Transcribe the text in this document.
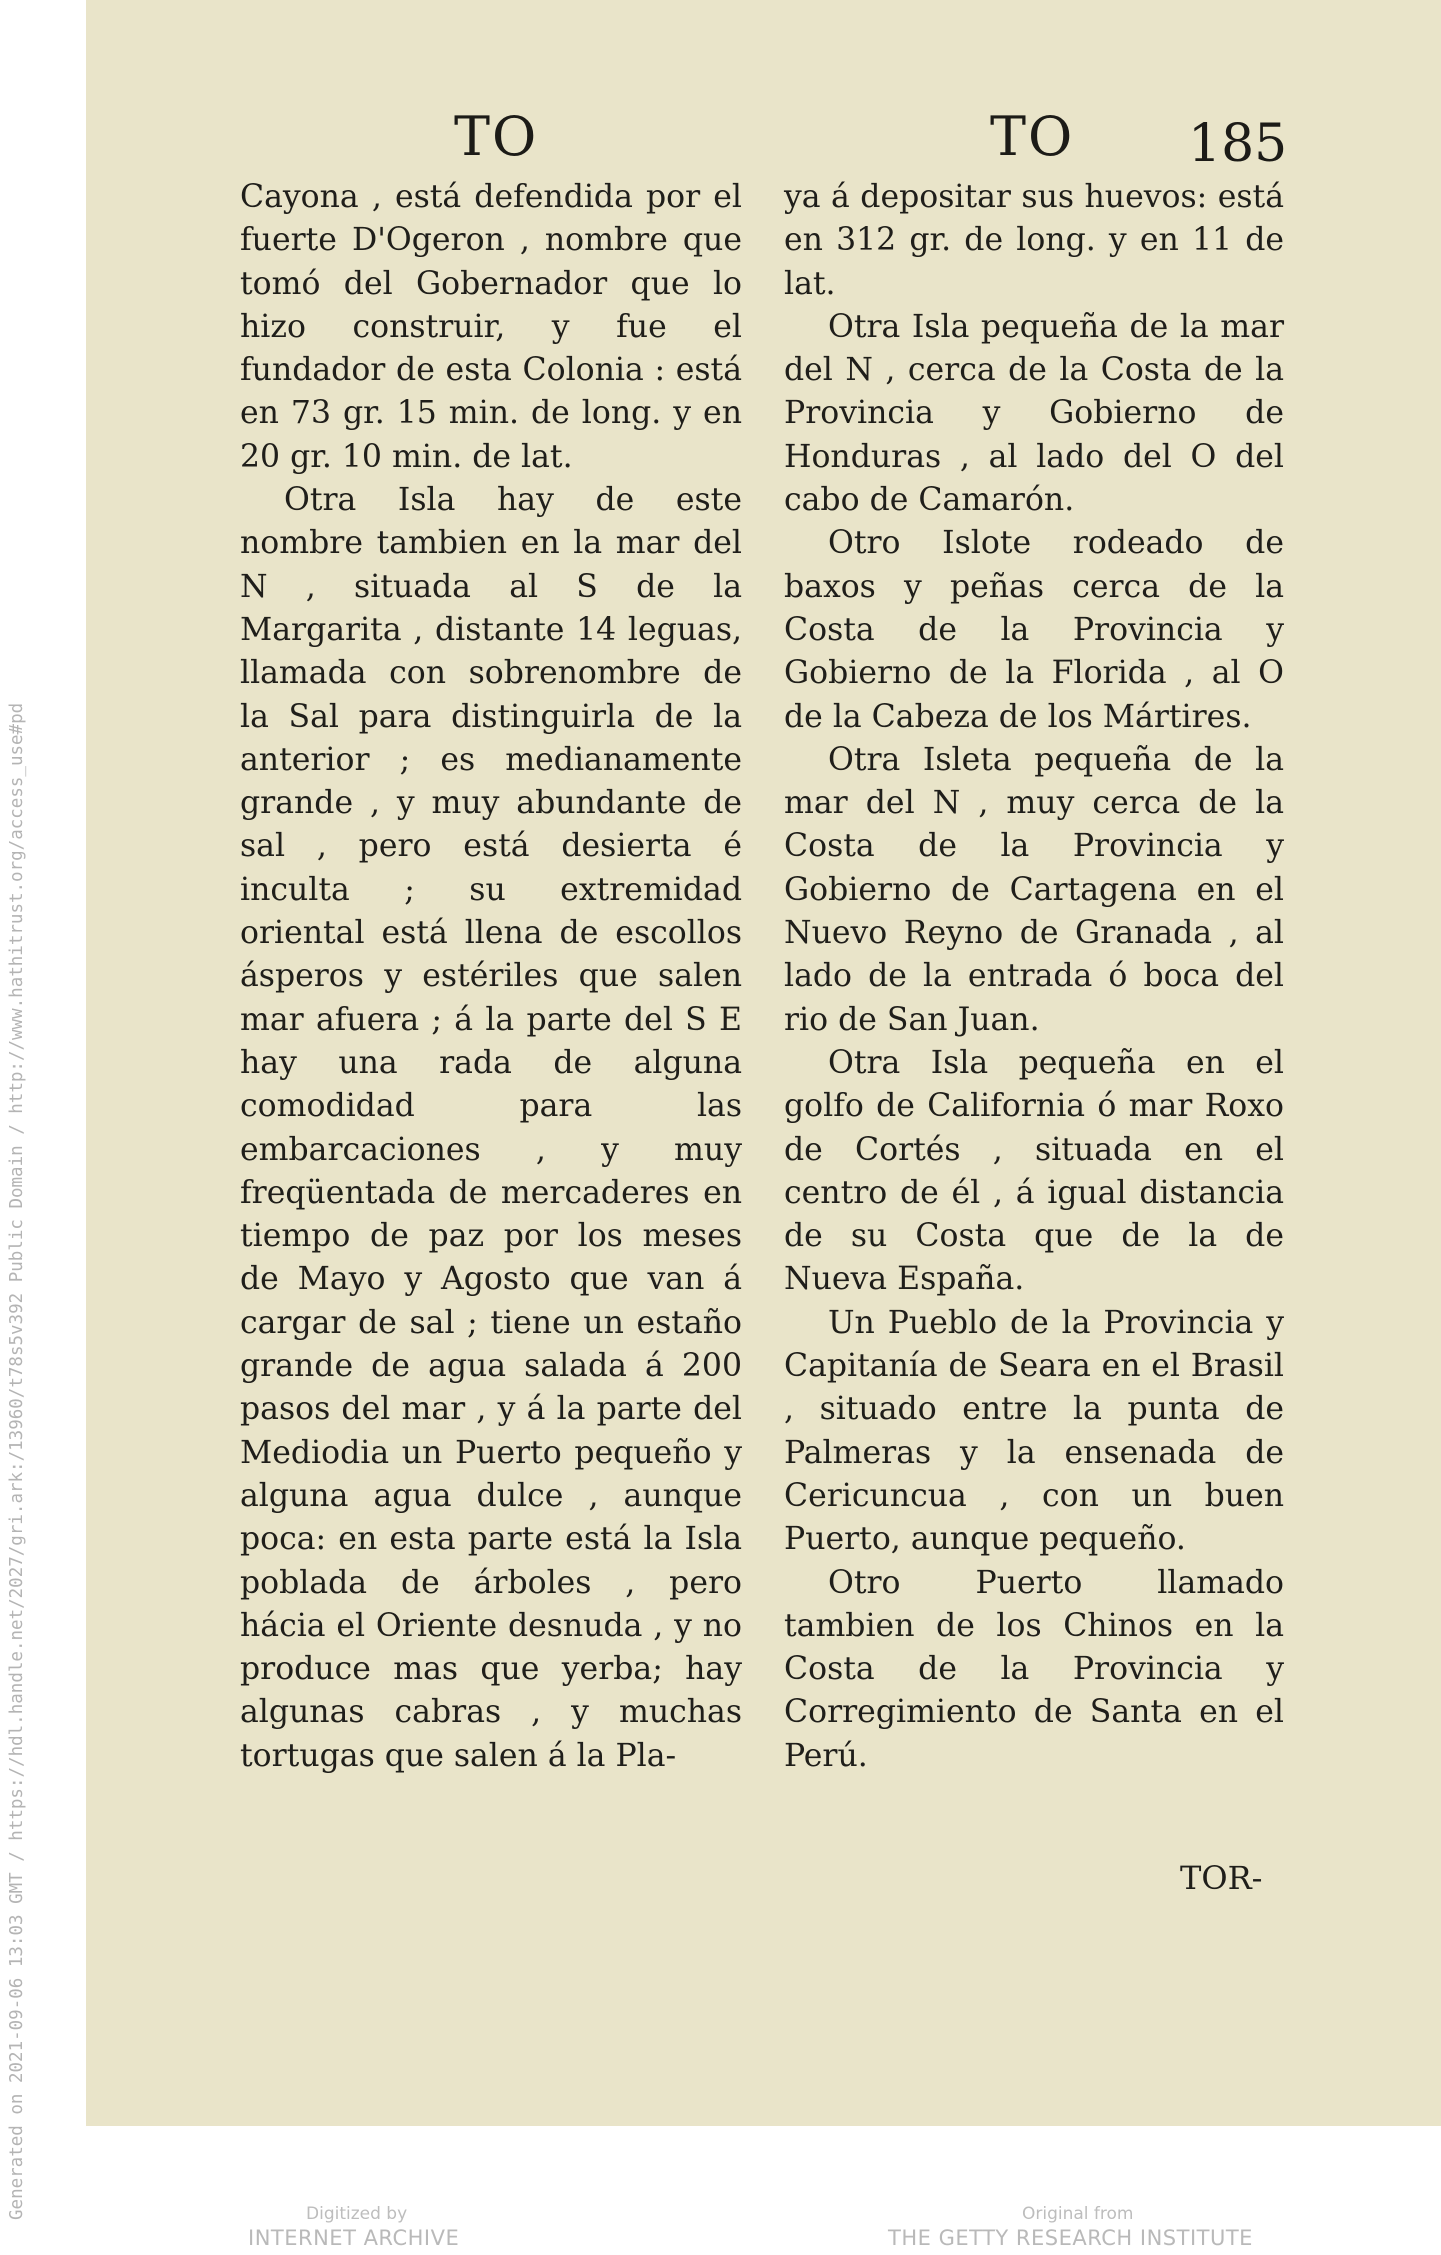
TO	TO 185

Cayona , está defendida por el fuerte D'Ogeron , nombre que tomó del Gobernador que lo hizo construir, y fue el fundador de esta Colonia : está en 73 gr. 15 min. de long. y en 20 gr. 10 min. de lat.

Otra Isla hay de este nombre tambien en la mar del N , situada al S de la Margarita , distante 14 leguas, llamada con sobrenombre de la Sal para distinguirla de la anterior ; es medianamente grande , y muy abundante de sal , pero está desierta é inculta ; su extremidad oriental está llena de escollos ásperos y estériles que salen mar afuera ; á la parte del S E hay una rada de alguna comodidad para las embarcaciones , y muy freqüentada de mercaderes en tiempo de paz por los meses de Mayo y Agosto que van á cargar de sal ; tiene un estaño grande de agua salada á 200 pasos del mar , y á la parte del Mediodia un Puerto pequeño y alguna agua dulce , aunque poca: en esta parte está la Isla poblada de árboles , pero hácia el Oriente desnuda , y no produce mas que yerba; hay algunas cabras , y muchas tortugas que salen á la Pla-

ya á depositar sus huevos: está en 312 gr. de long. y en 11 de lat.

Otra Isla pequeña de la mar del N , cerca de la Costa de la Provincia y Gobierno de Honduras , al lado del O del cabo de Camarón.

Otro Islote rodeado de baxos y peñas cerca de la Costa de la Provincia y Gobierno de la Florida , al O de la Cabeza de los Mártires.

Otra Isleta pequeña de la mar del N , muy cerca de la Costa de la Provincia y Gobierno de Cartagena en el Nuevo Reyno de Granada , al lado de la entrada ó boca del rio de San Juan.

Otra Isla pequeña en el golfo de California ó mar Roxo de Cortés , situada en el centro de él , á igual distancia de su Costa que de la de Nueva España.

Un Pueblo de la Provincia y Capitanía de Seara en el Brasil , situado entre la punta de Palmeras y la ensenada de Cericuncua , con un buen Puerto, aunque pequeño.

Otro Puerto llamado tambien de los Chinos en la Costa de la Provincia y Corregimiento de Santa en el Perú.

TOR-
Generated on 2021-09-06 13:03 GMT / https://hdl.handle.net/2027/gri.ark:/13960/t78s5v392 Public Domain / http://www.hathitrust.org/access_use#pd	Digitized by
INTERNET ARCHIVE
Original from
THE GETTY RESEARCH INSTITUTE
